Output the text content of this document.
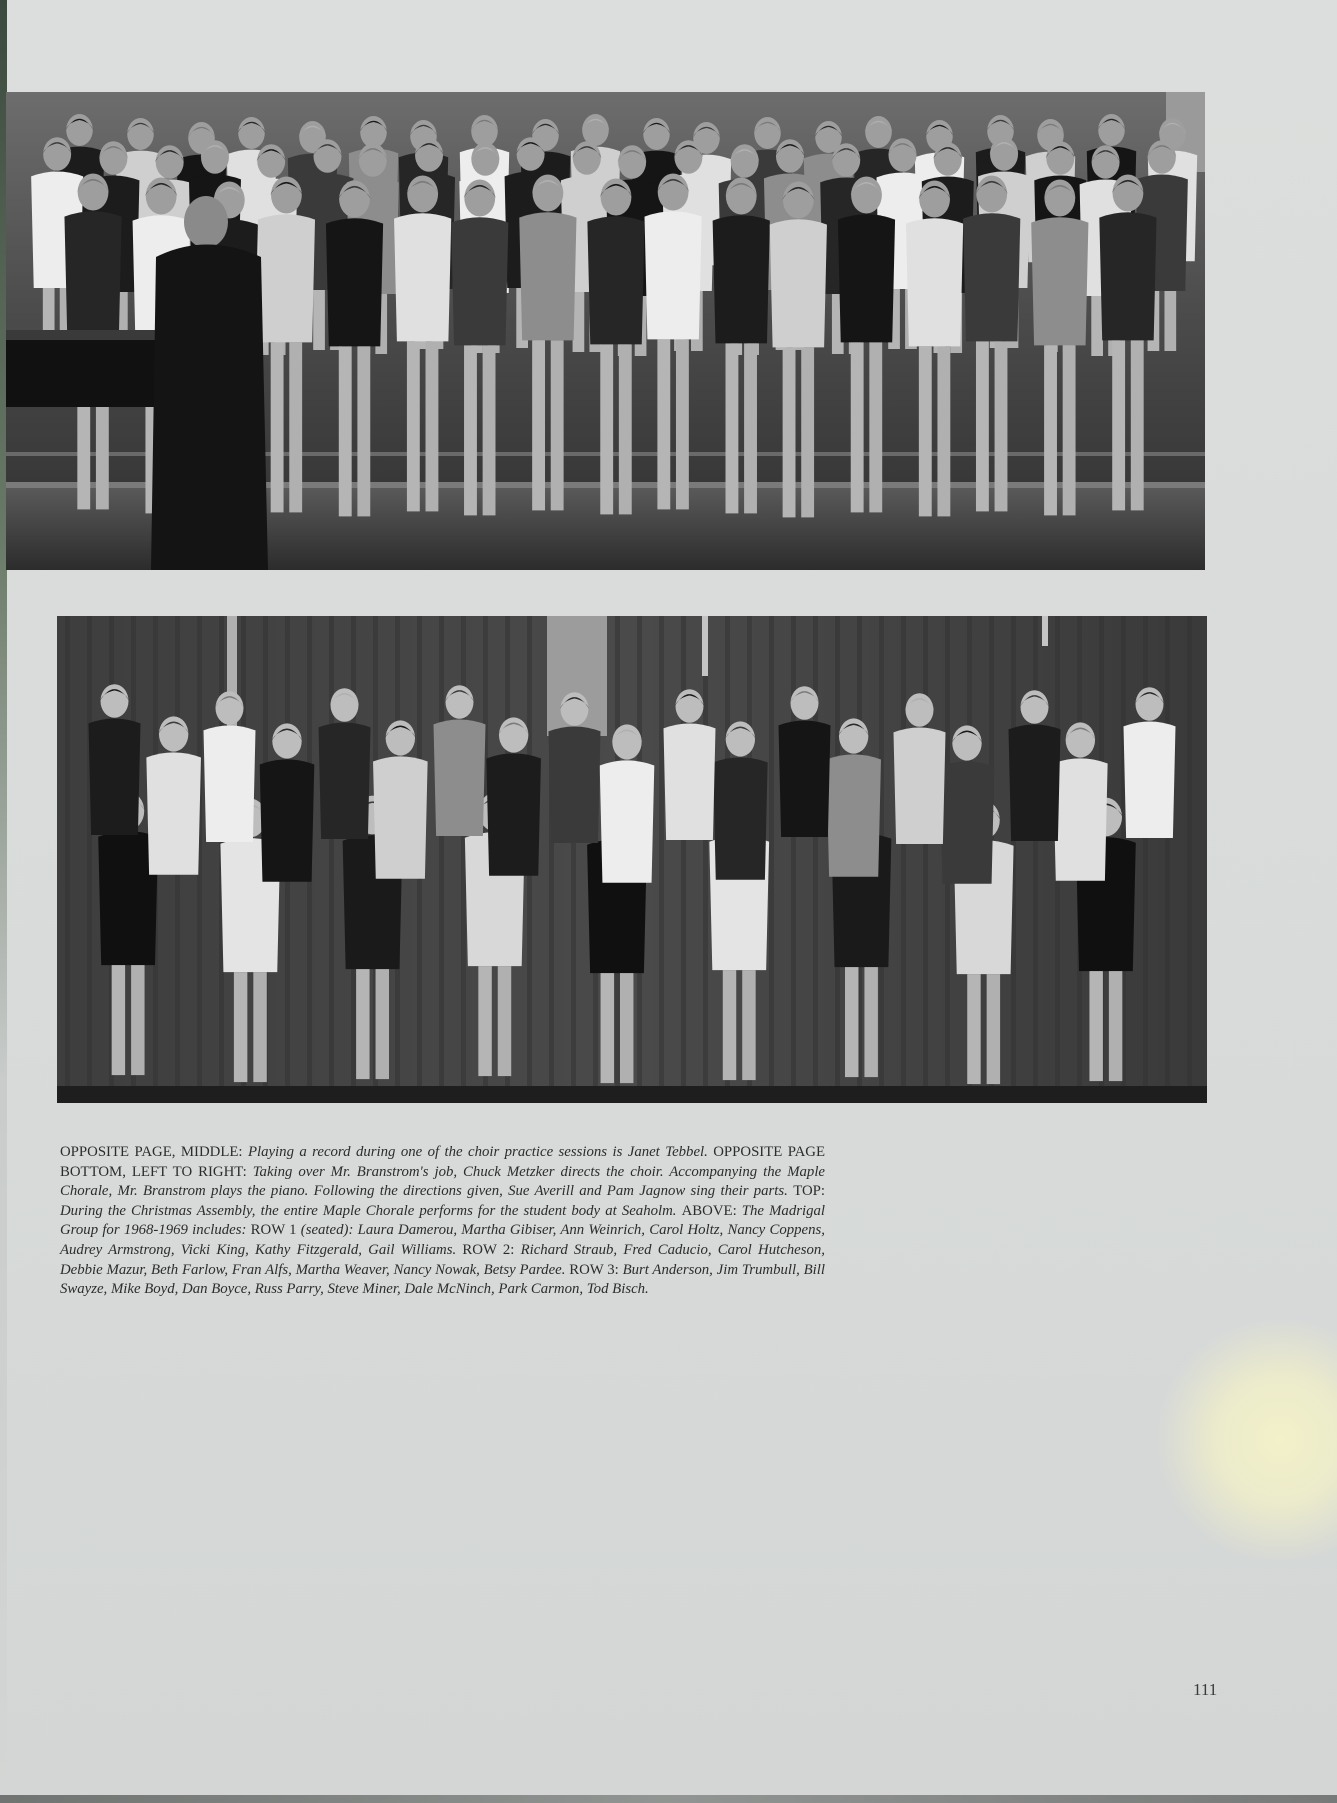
OPPOSITE PAGE, MIDDLE: Playing a record during one of the choir practice sessions is Janet Tebbel. OPPOSITE PAGE BOTTOM, LEFT TO RIGHT: Taking over Mr. Branstrom's job, Chuck Metzker directs the choir. Accompanying the Maple Chorale, Mr. Branstrom plays the piano. Following the directions given, Sue Averill and Pam Jagnow sing their parts. TOP: During the Christmas Assembly, the entire Maple Chorale performs for the student body at Seaholm. ABOVE: The Madrigal Group for 1968-1969 includes: ROW 1 (seated): Laura Damerou, Martha Gibiser, Ann Weinrich, Carol Holtz, Nancy Coppens, Audrey Armstrong, Vicki King, Kathy Fitzgerald, Gail Williams. ROW 2: Richard Straub, Fred Caducio, Carol Hutcheson, Debbie Mazur, Beth Farlow, Fran Alfs, Martha Weaver, Nancy Nowak, Betsy Pardee. ROW 3: Burt Anderson, Jim Trumbull, Bill Swayze, Mike Boyd, Dan Boyce, Russ Parry, Steve Miner, Dale McNinch, Park Carmon, Tod Bisch.

111
